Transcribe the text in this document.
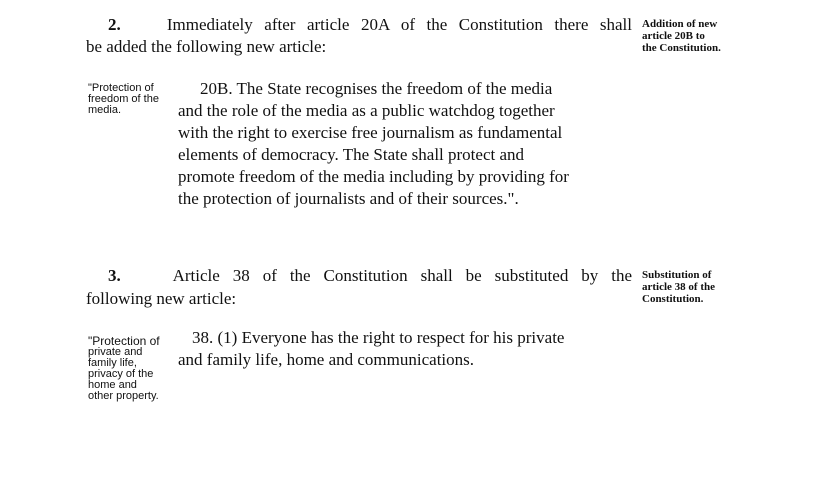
2.	Immediately after article 20A of the Constitution there shall
be added the following new article:
Addition of new
article 20B to
the Constitution.
"Protection of
freedom of the
media.
20B. The State recognises the freedom of the media
and the role of the media as a public watchdog together
with the right to exercise free journalism as fundamental
elements of democracy. The State shall protect and
promote freedom of the media including by providing for
the protection of journalists and of their sources.".
3.	Article 38 of the Constitution shall be substituted by the
following new article:
Substitution of
article 38 of the
Constitution.
"Protection of
private and
family life,
privacy of the
home and
other property.
38. (1) Everyone has the right to respect for his private
and family life, home and communications.
